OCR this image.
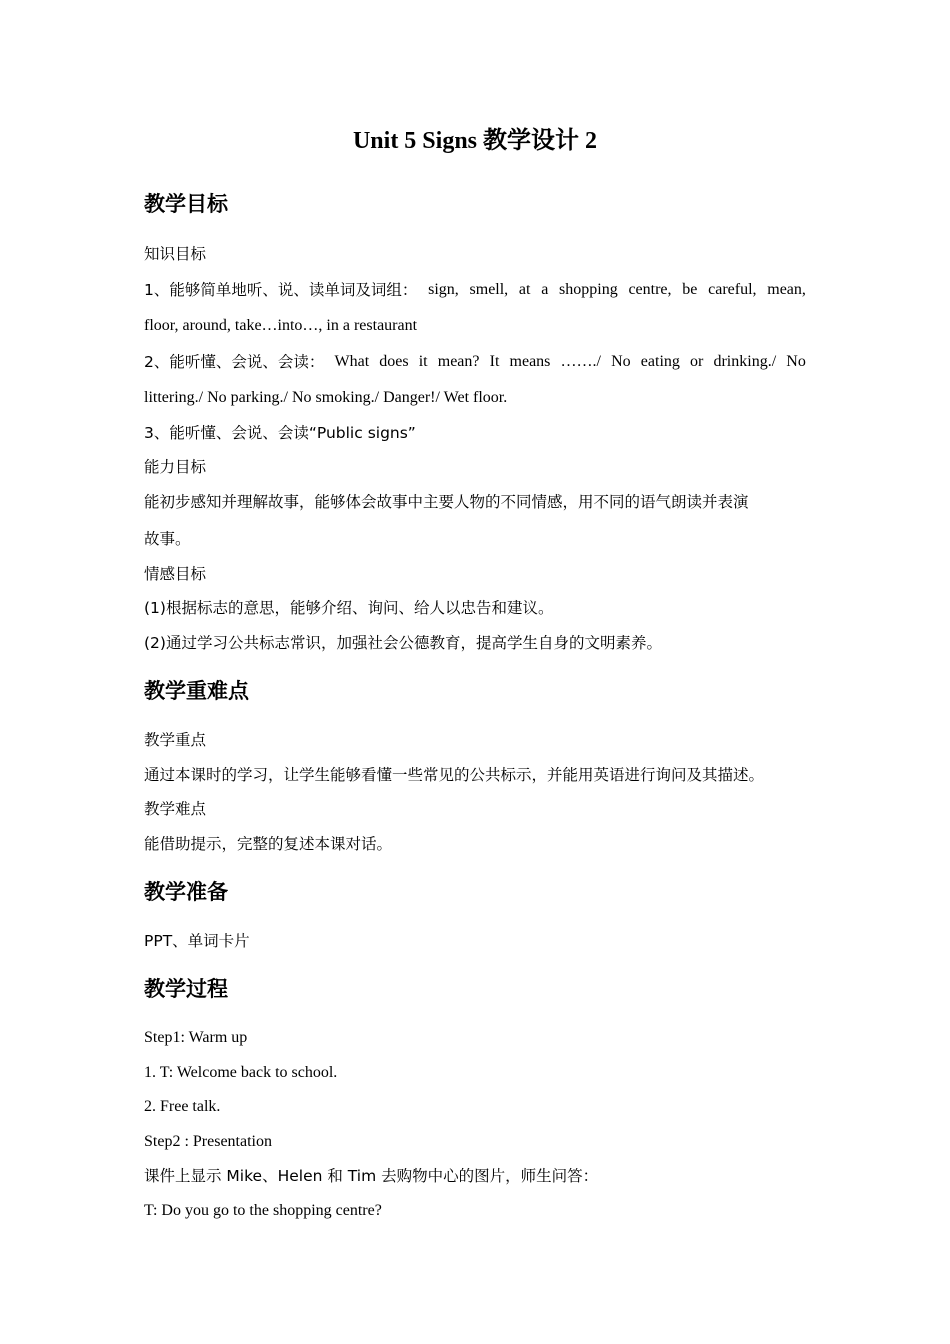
Unit 5 Signs 教学设计 2
教学目标

知识目标

1、能够简单地听、说、读单词及词组： sign, smell, at a shopping centre, be careful, mean,

floor, around, take…into…, in a restaurant

2、能听懂、会说、会读： What does it mean? It means ……./ No eating or drinking./ No

littering./ No parking./ No smoking./ Danger!/ Wet floor.

3、能听懂、会说、会读“Public signs”

能力目标

能初步感知并理解故事，能够体会故事中主要人物的不同情感，用不同的语气朗读并表演

故事。

情感目标

(1)根据标志的意思，能够介绍、询问、给人以忠告和建议。

(2)通过学习公共标志常识，加强社会公德教育，提高学生自身的文明素养。

教学重难点

教学重点

通过本课时的学习，让学生能够看懂一些常见的公共标示，并能用英语进行询问及其描述。

教学难点

能借助提示，完整的复述本课对话。

教学准备

PPT、单词卡片

教学过程

Step1: Warm up

1. T: Welcome back to school.

2. Free talk.

Step2 : Presentation

课件上显示 Mike、Helen 和 Tim 去购物中心的图片，师生问答：

T: Do you go to the shopping centre?
